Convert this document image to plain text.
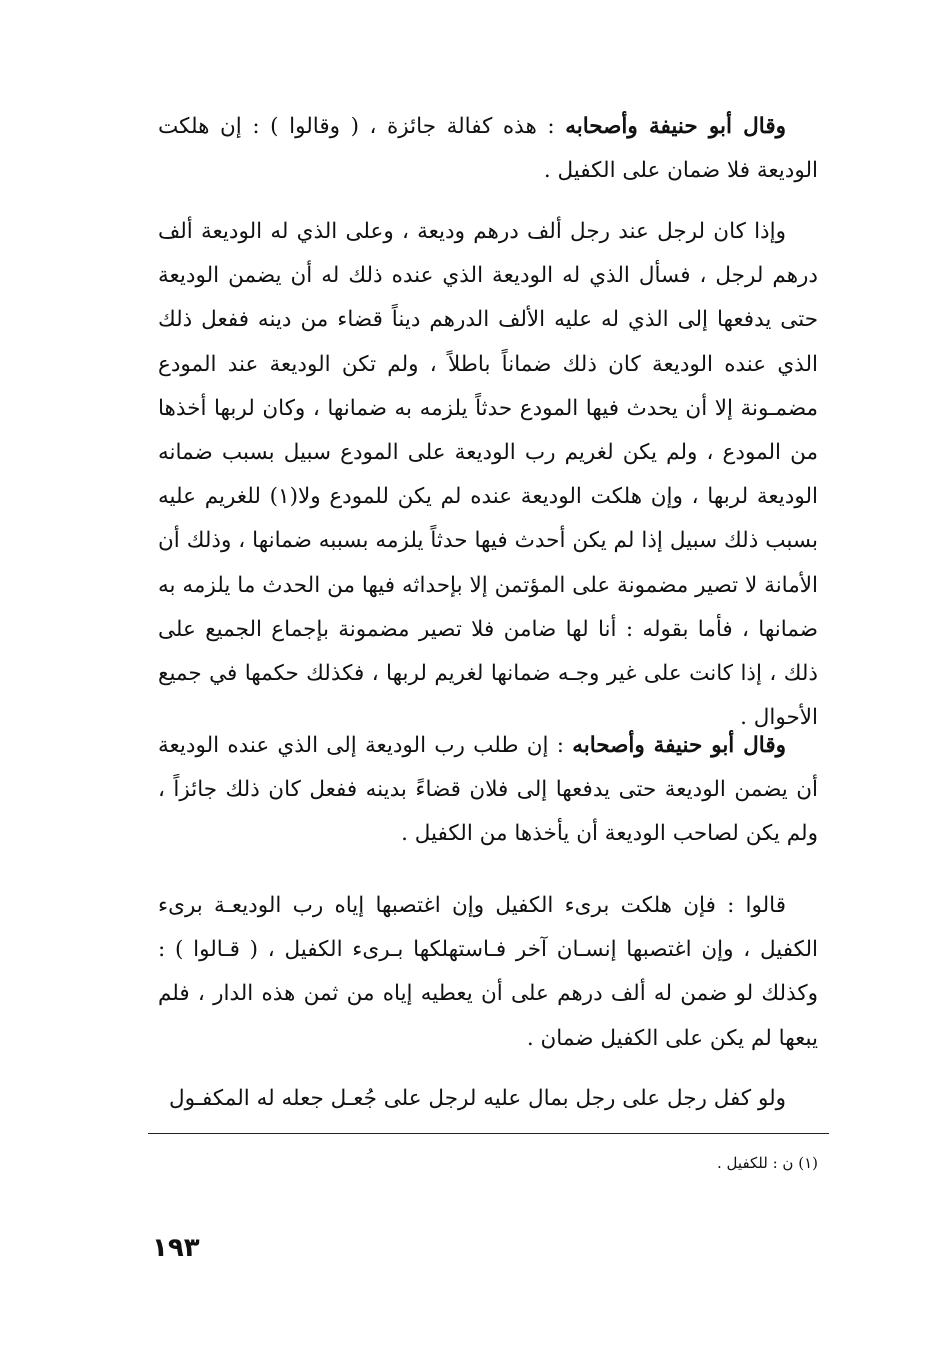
وقال أبو حنيفة وأصحابه : هذه كفالة جائزة ، ( وقالوا ) : إن هلكت الوديعة فلا ضمان على الكفيل .

وإذا كان لرجل عند رجل ألف درهم وديعة ، وعلى الذي له الوديعة ألف درهم لرجل ، فسأل الذي له الوديعة الذي عنده ذلك له أن يضمن الوديعة حتى يدفعها إلى الذي له عليه الألف الدرهم ديناً قضاء من دينه ففعل ذلك الذي عنده الوديعة كان ذلك ضماناً باطلاً ، ولم تكن الوديعة عند المودع مضمـونة إلا أن يحدث فيها المودع حدثاً يلزمه به ضمانها ، وكان لربها أخذها من المودع ، ولم يكن لغريم رب الوديعة على المودع سبيل بسبب ضمانه الوديعة لربها ، وإن هلكت الوديعة عنده لم يكن للمودع ولا(١) للغريم عليه بسبب ذلك سبيل إذا لم يكن أحدث فيها حدثاً يلزمه بسببه ضمانها ، وذلك أن الأمانة لا تصير مضمونة على المؤتمن إلا بإحداثه فيها من الحدث ما يلزمه به ضمانها ، فأما بقوله : أنا لها ضامن فلا تصير مضمونة بإجماع الجميع على ذلك ، إذا كانت على غير وجـه ضمانها لغريم لربها ، فكذلك حكمها في جميع الأحوال .

وقال أبو حنيفة وأصحابه : إن طلب رب الوديعة إلى الذي عنده الوديعة أن يضمن الوديعة حتى يدفعها إلى فلان قضاءً بدينه ففعل كان ذلك جائزاً ، ولم يكن لصاحب الوديعة أن يأخذها من الكفيل .

قالوا : فإن هلكت برىء الكفيل وإن اغتصبها إياه رب الوديعـة برىء الكفيل ، وإن اغتصبها إنسـان آخر فـاستهلكها بـرىء الكفيل ، ( قـالوا ) : وكذلك لو ضمن له ألف درهم على أن يعطيه إياه من ثمن هذه الدار ، فلم يبعها لم يكن على الكفيل ضمان .

ولو كفل رجل على رجل بمال عليه لرجل على جُعـل جعله له المكفـول

(١) ن : للكفيل .
١٩٣
